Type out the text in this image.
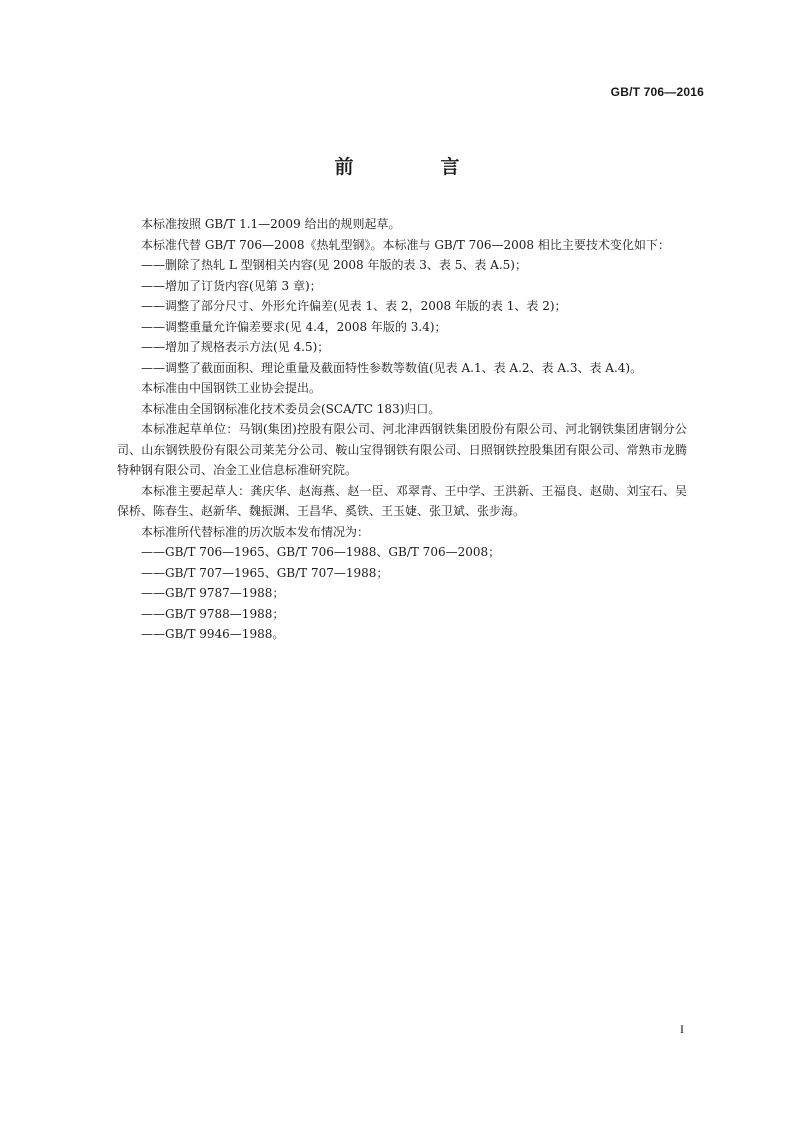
GB/T 706—2016
前　言

本标准按照 GB/T 1.1—2009 给出的规则起草。

本标准代替 GB/T 706—2008《热轧型钢》。本标准与 GB/T 706—2008 相比主要技术变化如下：

——删除了热轧 L 型钢相关内容(见 2008 年版的表 3、表 5、表 A.5)；

——增加了订货内容(见第 3 章)；

——调整了部分尺寸、外形允许偏差(见表 1、表 2，2008 年版的表 1、表 2)；

——调整重量允许偏差要求(见 4.4，2008 年版的 3.4)；

——增加了规格表示方法(见 4.5)；

——调整了截面面积、理论重量及截面特性参数等数值(见表 A.1、表 A.2、表 A.3、表 A.4)。

本标准由中国钢铁工业协会提出。

本标准由全国钢标准化技术委员会(SCA/TC 183)归口。

本标准起草单位：马钢(集团)控股有限公司、河北津西钢铁集团股份有限公司、河北钢铁集团唐钢分公司、山东钢铁股份有限公司莱芜分公司、鞍山宝得钢铁有限公司、日照钢铁控股集团有限公司、常熟市龙腾特种钢有限公司、冶金工业信息标准研究院。

本标准主要起草人：龚庆华、赵海燕、赵一臣、邓翠青、王中学、王洪新、王福良、赵勋、刘宝石、吴保桥、陈春生、赵新华、魏振渊、王昌华、奚铁、王玉婕、张卫斌、张步海。

本标准所代替标准的历次版本发布情况为：

——GB/T 706—1965、GB/T 706—1988、GB/T 706—2008；

——GB/T 707—1965、GB/T 707—1988；

——GB/T 9787—1988；

——GB/T 9788—1988；

——GB/T 9946—1988。

I
